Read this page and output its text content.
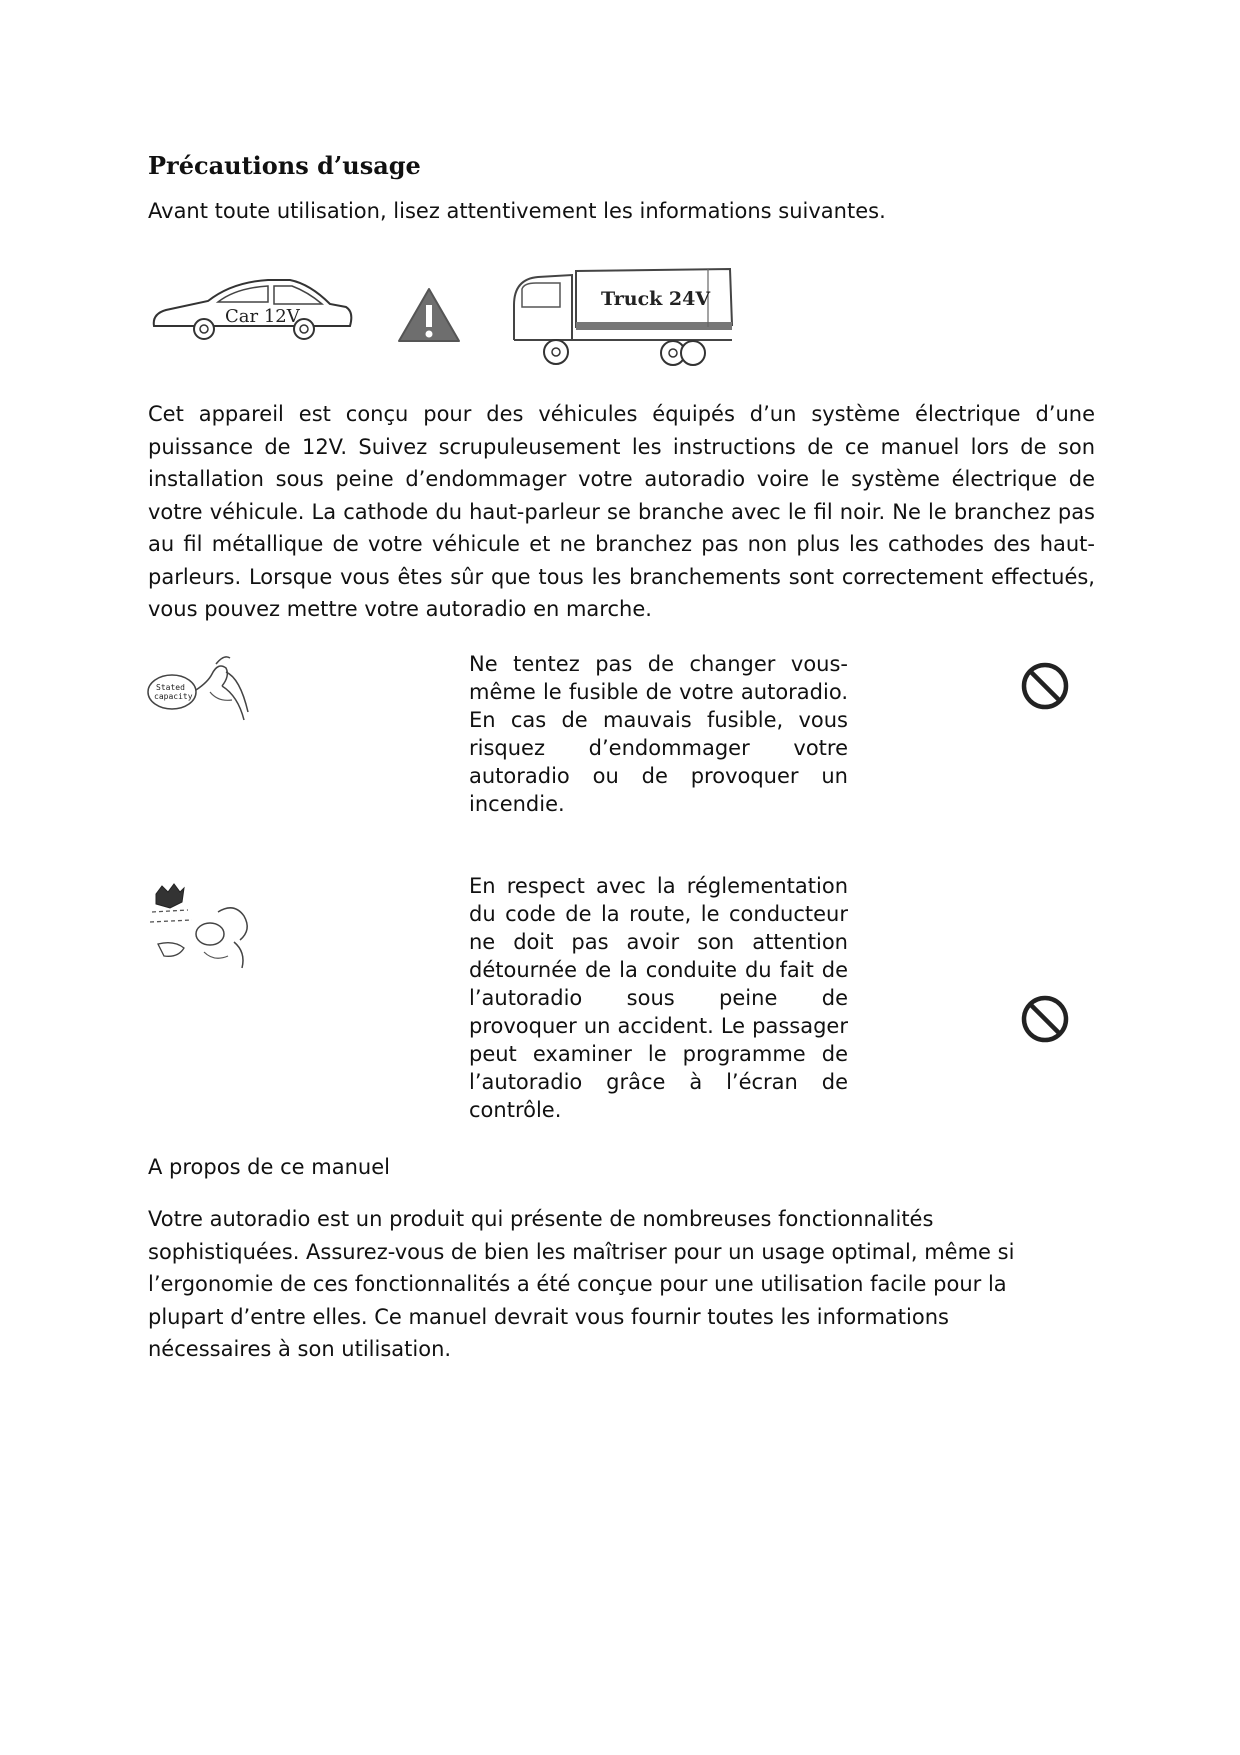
Précautions d’usage
Avant toute utilisation, lisez attentivement les informations suivantes.
Car 12V
Truck 24V

Cet appareil est conçu pour des véhicules équipés d’un système électrique d’une puissance de 12V. Suivez scrupuleusement les instructions de ce manuel lors de son installation sous peine d’endommager votre autoradio voire le système électrique de votre véhicule. La cathode du haut-parleur se branche avec le fil noir. Ne le branchez pas au fil métallique de votre véhicule et ne branchez pas non plus les cathodes des haut-parleurs. Lorsque vous êtes sûr que tous les branchements sont correctement effectués, vous pouvez mettre votre autoradio en marche.

Stated
capacity

Ne tentez pas de changer vous-même le fusible de votre autoradio. En cas de mauvais fusible, vous risquez d’endommager votre autoradio ou de provoquer un incendie.

En respect avec la réglementation du code de la route, le conducteur ne doit pas avoir son attention détournée de la conduite du fait de l’autoradio sous peine de provoquer un accident. Le passager peut examiner le programme de l’autoradio grâce à l’écran de contrôle.

A propos de ce manuel

Votre autoradio est un produit qui présente de nombreuses fonctionnalités sophistiquées. Assurez-vous de bien les maîtriser pour un usage optimal, même si l’ergonomie de ces fonctionnalités a été conçue pour une utilisation facile pour la plupart d’entre elles. Ce manuel devrait vous fournir toutes les informations nécessaires à son utilisation.
